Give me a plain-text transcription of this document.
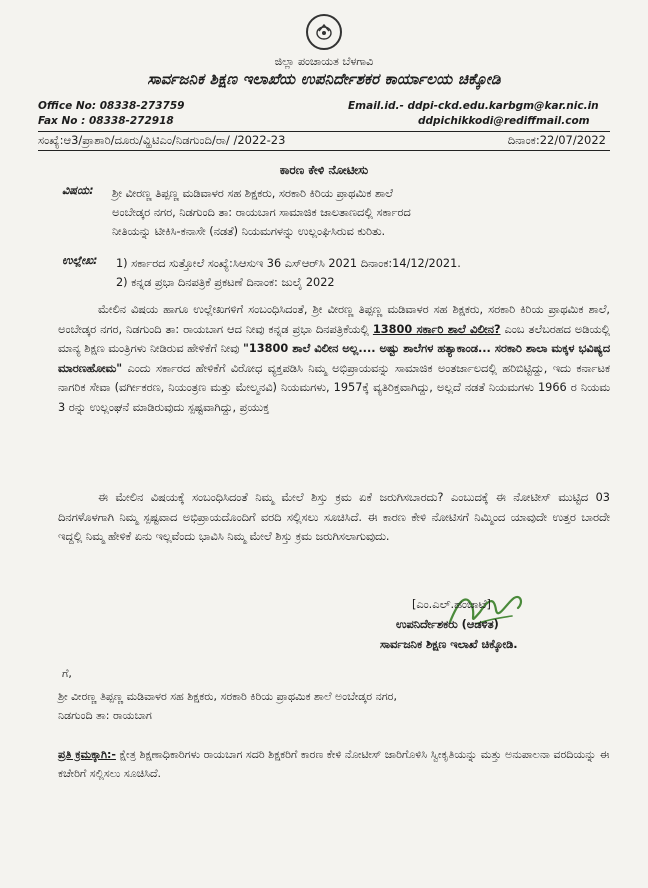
ಜಿಲ್ಲಾ ಪಂಚಾಯತ ಬೆಳಗಾವಿ
ಸಾರ್ವಜನಿಕ ಶಿಕ್ಷಣ ಇಲಾಖೆಯ ಉಪನಿರ್ದೇಶಕರ ಕಾರ್ಯಾಲಯ ಚಿಕ್ಕೋಡಿ
Office No: 08338-273759
Fax No : 08338-272918
Email.id.- ddpi-ckd.edu.karbgm@kar.nic.in
ddpichikkodi@rediffmail.com
ಸಂಖ್ಯೆ:ಆ3/ಪ್ರಾಶಾರಿ/ದೂರು/ವ್ಹಿಟಿಎಂ/ನಿಡಗುಂದಿ/ರಾ/ /2022-23	ದಿನಾಂಕ:22/07/2022
ಕಾರಣ ಕೇಳಿ ನೋಟೀಸು
ವಿಷಯ: ಶ್ರೀ ವೀರಣ್ಣ ತಿಪ್ಪಣ್ಣ ಮಡಿವಾಳರ ಸಹ ಶಿಕ್ಷಕರು, ಸರಕಾರಿ ಕಿರಿಯ ಪ್ರಾಥಮಿಕ ಶಾಲೆ
ಅಂಬೇಡ್ಕರ ನಗರ, ನಿಡಗುಂದಿ ತಾ: ರಾಯಬಾಗ ಸಾಮಾಜಿಕ ಜಾಲತಾಣದಲ್ಲಿ ಸರ್ಕಾರದ
ನೀತಿಯನ್ನು ಟೀಕಿಸಿ-ಕನಾಸೇ (ನಡತೆ) ನಿಯಮಗಳನ್ನು ಉಲ್ಲಂಘಿಸಿರುವ ಕುರಿತು.
ಉಲ್ಲೇಖ: 1) ಸರ್ಕಾರದ ಸುತ್ತೋಲೆ ಸಂಖ್ಯೆ:ಸಿಆಸುಇ 36 ಎಸ್‌ಆರ್‌ಸಿ 2021 ದಿನಾಂಕ:14/12/2021.
2) ಕನ್ನಡ ಪ್ರಭಾ ದಿನಪತ್ರಿಕೆ ಪ್ರಕಟಣೆ ದಿನಾಂಕ: ಜುಲೈ 2022
ಮೇಲಿನ ವಿಷಯ ಹಾಗೂ ಉಲ್ಲೇಖಗಳಿಗೆ ಸಂಬಂಧಿಸಿದಂತೆ, ಶ್ರೀ ವೀರಣ್ಣ ತಿಪ್ಪಣ್ಣ ಮಡಿವಾಳರ ಸಹ ಶಿಕ್ಷಕರು, ಸರಕಾರಿ ಕಿರಿಯ ಪ್ರಾಥಮಿಕ ಶಾಲೆ, ಅಂಬೇಡ್ಕರ ನಗರ, ನಿಡಗುಂದಿ ತಾ: ರಾಯಬಾಗ ಆದ ನೀವು ಕನ್ನಡ ಪ್ರಭಾ ದಿನಪತ್ರಿಕೆಯಲ್ಲಿ 13800 ಸರ್ಕಾರಿ ಶಾಲೆ ವಿಲೀನ? ಎಂಬ ತಲೆಬರಹದ ಅಡಿಯಲ್ಲಿ ಮಾನ್ಯ ಶಿಕ್ಷಣ ಮಂತ್ರಿಗಳು ನೀಡಿರುವ ಹೇಳಿಕೆಗೆ ನೀವು "13800 ಶಾಲೆ ವಿಲೀನ ಅಲ್ಲ.... ಅಷ್ಟು ಶಾಲೆಗಳ ಹತ್ಯಾಕಾಂಡ... ಸರಕಾರಿ ಶಾಲಾ ಮಕ್ಕಳ ಭವಿಷ್ಯದ ಮಾರಣಹೋಮ" ಎಂದು ಸರ್ಕಾರದ ಹೇಳಿಕೆಗೆ ವಿರೋಧ ವ್ಯಕ್ತಪಡಿಸಿ ನಿಮ್ಮ ಅಭಿಪ್ರಾಯವನ್ನು ಸಾಮಾಜಿಕ ಅಂತರ್ಜಾಲದಲ್ಲಿ ಹರಿಬಿಟ್ಟಿದ್ದು, ಇದು ಕರ್ನಾಟಕ ನಾಗರಿಕ ಸೇವಾ (ವರ್ಗೀಕರಣ, ನಿಯಂತ್ರಣ ಮತ್ತು ಮೇಲ್ಮನವಿ) ನಿಯಮಗಳು, 1957ಕ್ಕೆ ವ್ಯತಿರಿಕ್ತವಾಗಿದ್ದು, ಅಲ್ಲದೆ ನಡತೆ ನಿಯಮಗಳು 1966 ರ ನಿಯಮ 3 ರನ್ನು ಉಲ್ಲಂಘನೆ ಮಾಡಿರುವುದು ಸ್ಪಷ್ಟವಾಗಿದ್ದು, ಪ್ರಯುಕ್ತ
ಈ ಮೇಲಿನ ವಿಷಯಕ್ಕೆ ಸಂಬಂಧಿಸಿದಂತೆ ನಿಮ್ಮ ಮೇಲೆ ಶಿಸ್ತು ಕ್ರಮ ಏಕೆ ಜರುಗಿಸಬಾರದು? ಎಂಬುದಕ್ಕೆ ಈ ನೋಟೀಸ್ ಮುಟ್ಟಿದ 03 ದಿನಗಳೊಳಗಾಗಿ ನಿಮ್ಮ ಸ್ಪಷ್ಟವಾದ ಅಭಿಪ್ರಾಯದೊಂದಿಗೆ ವರದಿ ಸಲ್ಲಿಸಲು ಸೂಚಿಸಿದೆ. ಈ ಕಾರಣ ಕೇಳಿ ನೋಟಿಸಗೆ ನಿಮ್ಮಿಂದ ಯಾವುದೇ ಉತ್ತರ ಬಾರದೇ ಇದ್ದಲ್ಲಿ ನಿಮ್ಮ ಹೇಳಿಕೆ ಏನು ಇಲ್ಲವೆಂದು ಭಾವಿಸಿ ನಿಮ್ಮ ಮೇಲೆ ಶಿಸ್ತು ಕ್ರಮ ಜರುಗಿಸಲಾಗುವುದು.
[ಎಂ.ಎಲ್.ಹಂಚಾಟೆ]
ಉಪನಿರ್ದೇಶಕರು (ಆಡಳಿತ)
ಸಾರ್ವಜನಿಕ ಶಿಕ್ಷಣ ಇಲಾಖೆ ಚಿಕ್ಕೋಡಿ.
ಗೆ,
ಶ್ರೀ ವೀರಣ್ಣ ತಿಪ್ಪಣ್ಣ ಮಡಿವಾಳರ ಸಹ ಶಿಕ್ಷಕರು, ಸರಕಾರಿ ಕಿರಿಯ ಪ್ರಾಥಮಿಕ ಶಾಲೆ ಅಂಬೇಡ್ಕರ ನಗರ,
ನಿಡಗುಂದಿ ತಾ: ರಾಯಬಾಗ
ಪ್ರತಿ ಕ್ರಮಕ್ಕಾಗಿ:- ಕ್ಷೇತ್ರ ಶಿಕ್ಷಣಾಧಿಕಾರಿಗಳು ರಾಯಬಾಗ ಸದರಿ ಶಿಕ್ಷಕರಿಗೆ ಕಾರಣ ಕೇಳಿ ನೋಟೀಸ್ ಜಾರಿಗೊಳಿಸಿ ಸ್ವೀಕೃತಿಯನ್ನು ಮತ್ತು ಅನುಪಾಲನಾ ವರದಿಯನ್ನು ಈ ಕಚೇರಿಗೆ ಸಲ್ಲಿಸಲು ಸೂಚಿಸಿದೆ.
